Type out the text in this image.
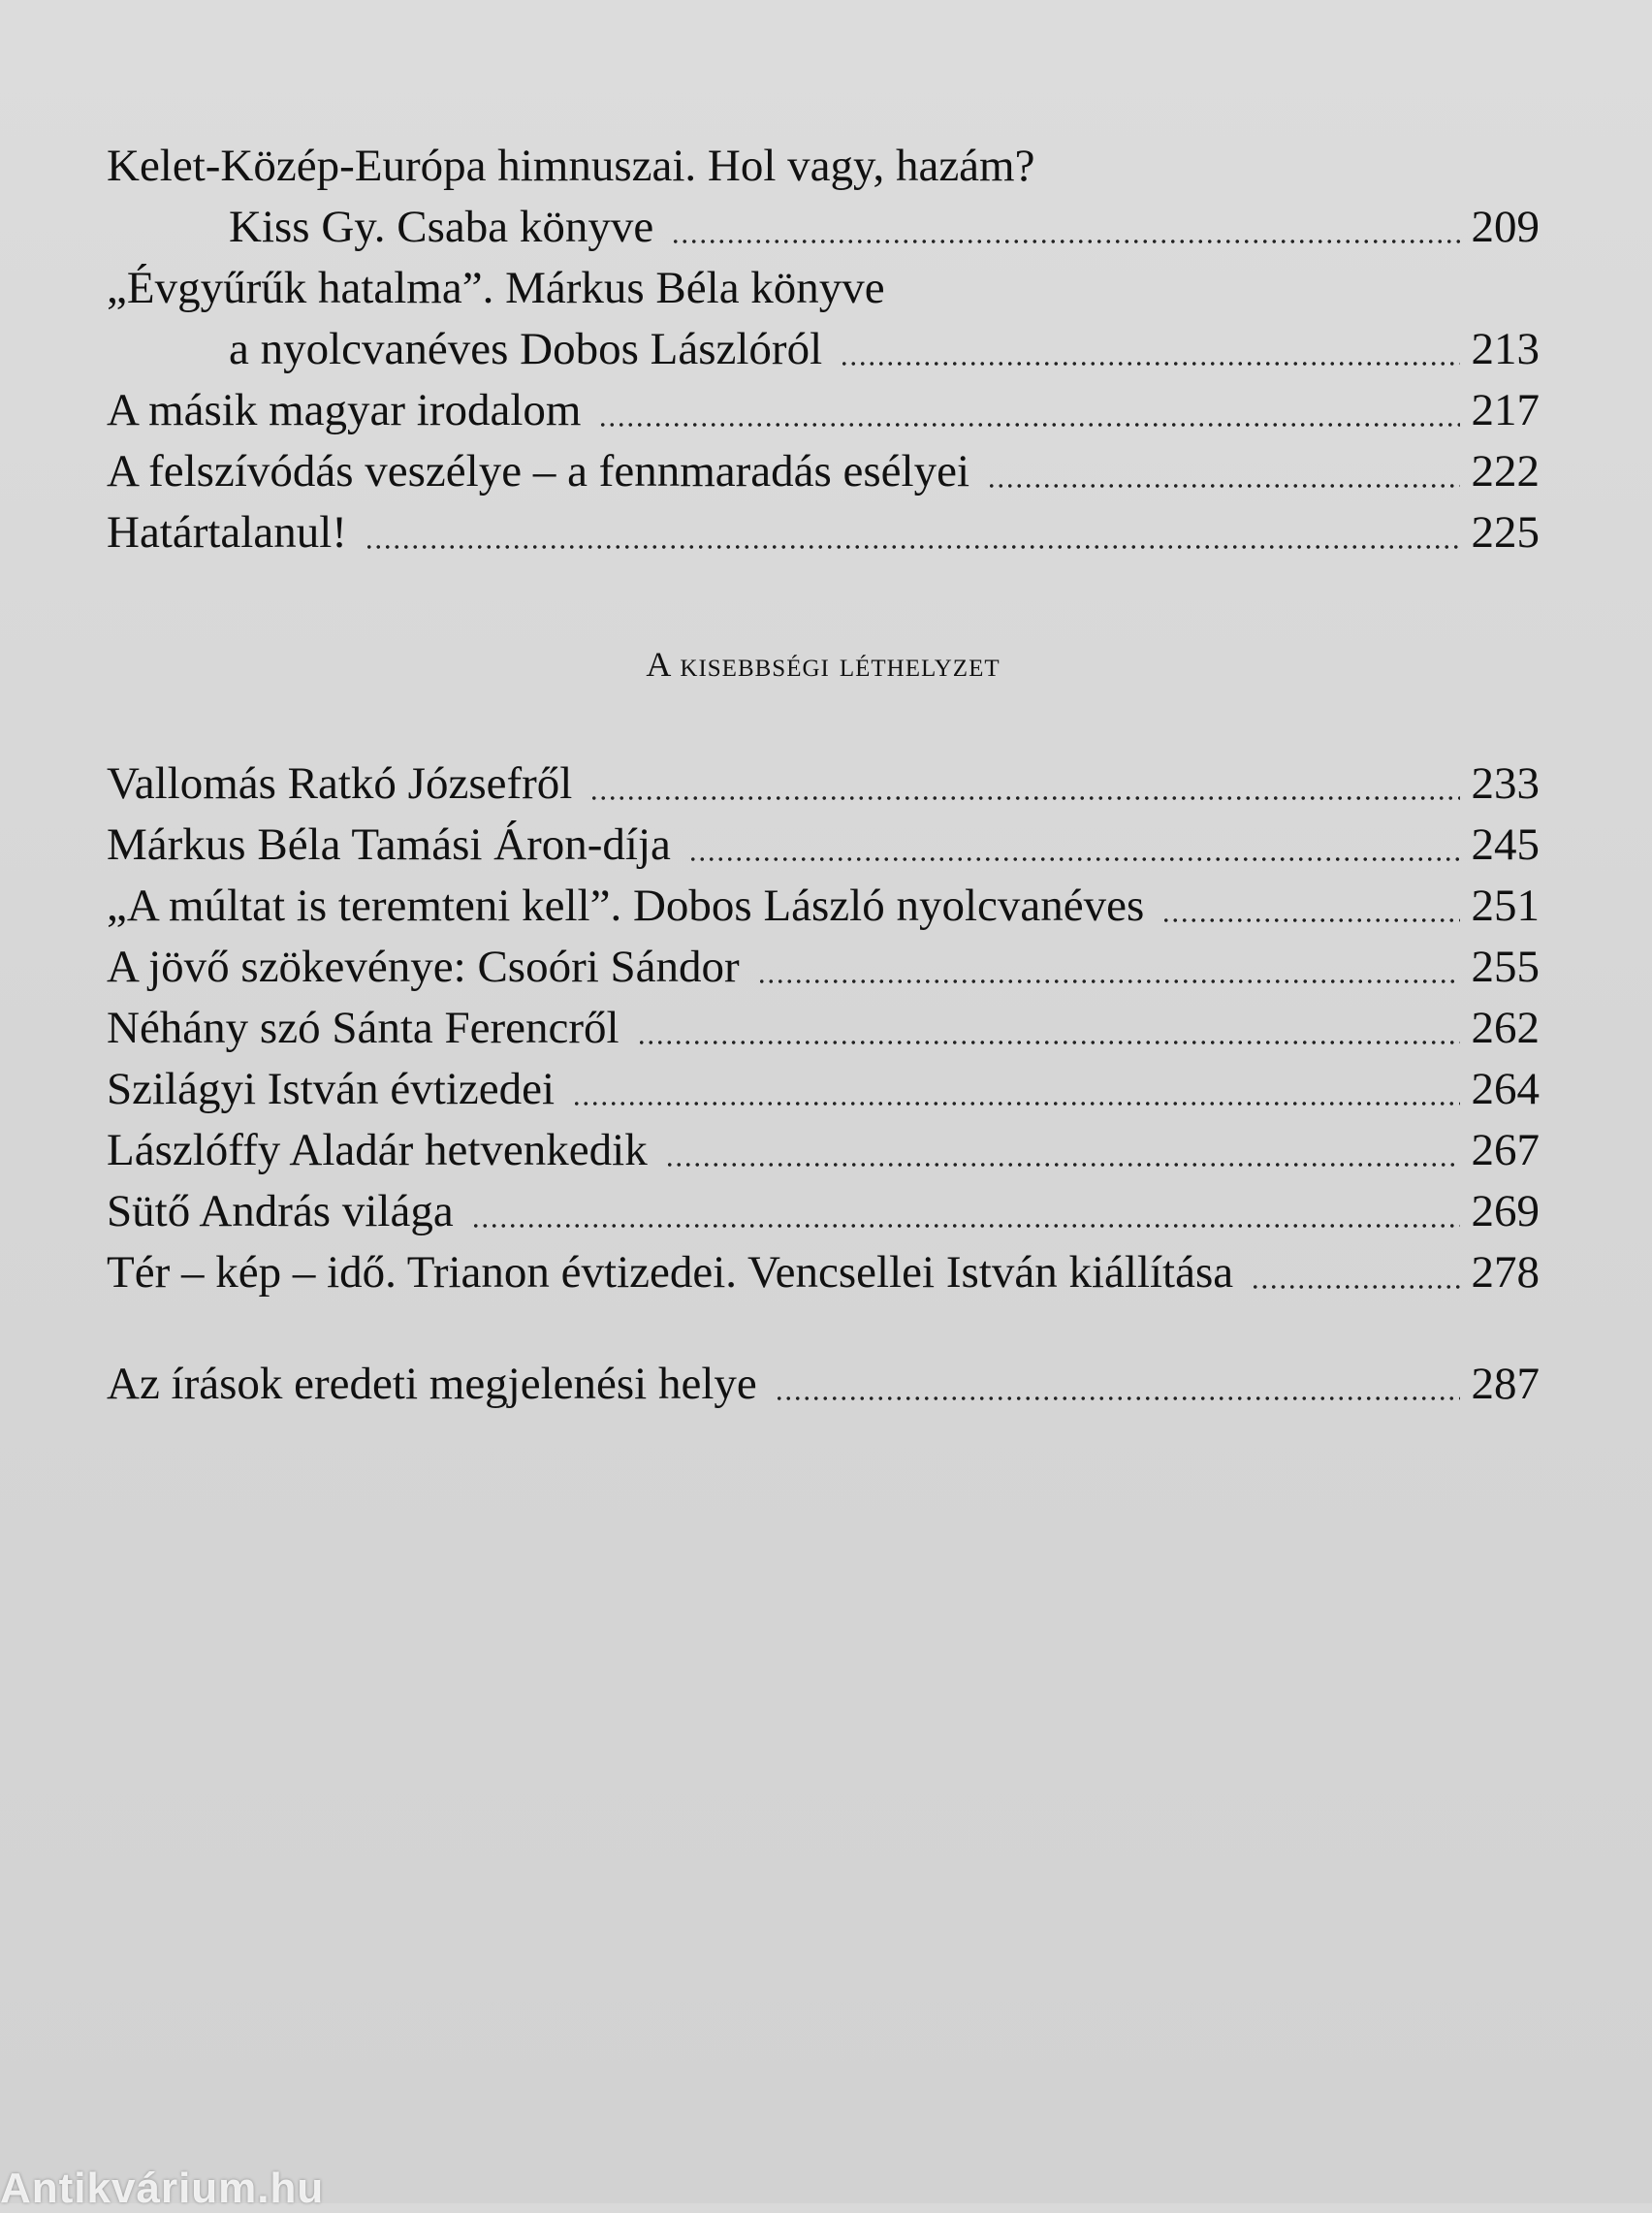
Kelet-Közép-Európa himnuszai. Hol vagy, hazám?
Kiss Gy. Csaba könyve	209
„Évgyűrűk hatalma”. Márkus Béla könyve
a nyolcvanéves Dobos Lászlóról	213
A másik magyar irodalom	217
A felszívódás veszélye – a fennmaradás esélyei	222
Határtalanul!	225
A kisebbségi léthelyzet
Vallomás Ratkó Józsefről	233
Márkus Béla Tamási Áron-díja	245
„A múltat is teremteni kell”. Dobos László nyolcvanéves	251
A jövő szökevénye: Csoóri Sándor	255
Néhány szó Sánta Ferencről	262
Szilágyi István évtizedei	264
Lászlóffy Aladár hetvenkedik	267
Sütő András világa	269
Tér – kép – idő. Trianon évtizedei. Vencsellei István kiállítása	278
Az írások eredeti megjelenési helye	287
Antikvárium.hu
